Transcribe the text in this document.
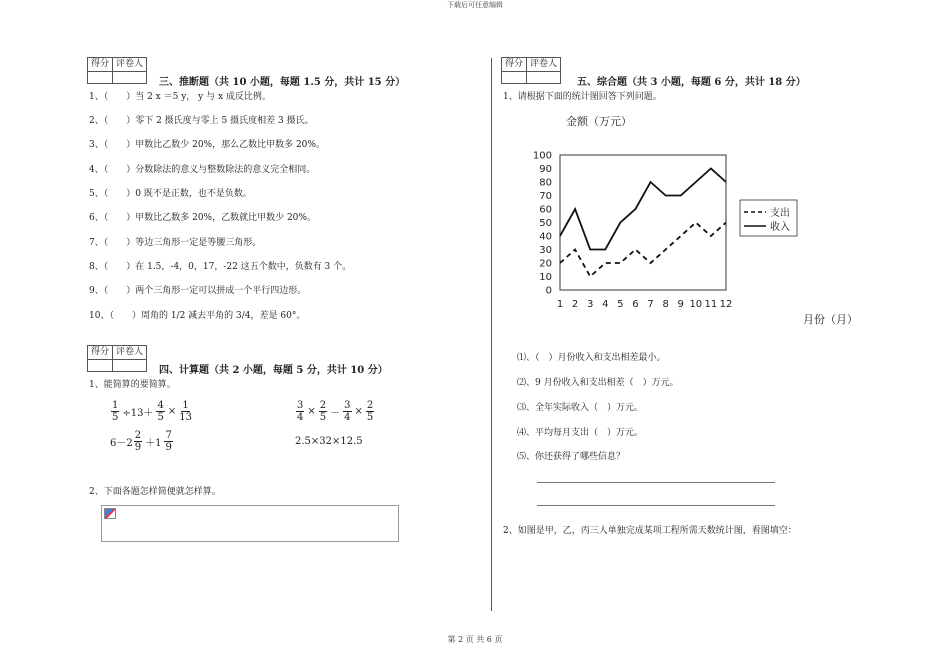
下载后可任意编辑
得分	评卷人

三、推断题（共 10 小题，每题 1.5 分，共计 15 分）
1、（　　）当 2 x ＝5 y， y 与 x 成反比例。
2、（　　）零下 2 摄氏度与零上 5 摄氏度相差 3 摄氏。
3、（　　）甲数比乙数少 20%，那么乙数比甲数多 20%。
4、（　　）分数除法的意义与整数除法的意义完全相同。
5、（　　）0 既不是正数，也不是负数。
6、（　　）甲数比乙数多 20%，乙数就比甲数少 20%。
7、（　　）等边三角形一定是等腰三角形。
8、（　　）在 1.5，-4，0，17，-22 这五个数中，负数有 3 个。
9、（　　）两个三角形一定可以拼成一个平行四边形。
10、（　　）周角的 1/2 减去平角的 3/4，差是 60°。
得分	评卷人

四、计算题（共 2 小题，每题 5 分，共计 10 分）
1、能简算的要简算。
$\frac{1}{5} \div 13+ \frac{4}{5} \times \frac{1}{13}$	$\frac{3}{4} \times \frac{2}{5} - \frac{3}{4} \times \frac{2}{5}$
$6-2 \frac{2}{9} +1 \frac{7}{9}$	2.5×32×12.5
2、下面各题怎样简便就怎样算。
得分	评卷人

五、综合题（共 3 小题，每题 6 分，共计 18 分）
1、请根据下面的统计图回答下列问题。
金额（万元）
100
90
80
70
60
50
40
30
20
10
0
1 2 3 4 5 6 7 8 9 10 11 12
支出
收入
月份（月）
⑴、（　）月份收入和支出相差最小。
⑵、9 月份收入和支出相差（　）万元。
⑶、全年实际收入（　）万元。
⑷、平均每月支出（　）万元。
⑸、你还获得了哪些信息？
2、如图是甲，乙，丙三人单独完成某项工程所需天数统计图，看图填空：
第 2 页 共 6 页
